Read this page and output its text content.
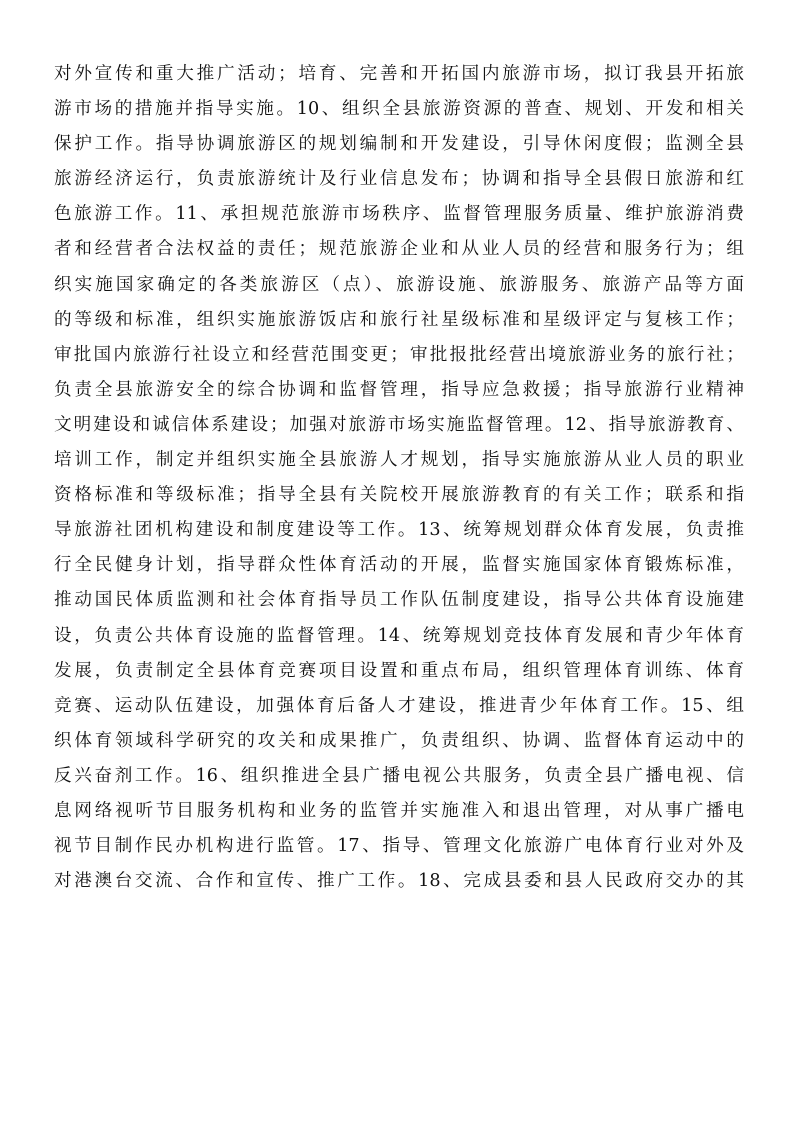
对外宣传和重大推广活动；培育、完善和开拓国内旅游市场，拟订我县开拓旅
游市场的措施并指导实施。10、组织全县旅游资源的普查、规划、开发和相关
保护工作。指导协调旅游区的规划编制和开发建设，引导休闲度假；监测全县
旅游经济运行，负责旅游统计及行业信息发布；协调和指导全县假日旅游和红
色旅游工作。11、承担规范旅游市场秩序、监督管理服务质量、维护旅游消费
者和经营者合法权益的责任；规范旅游企业和从业人员的经营和服务行为；组
织实施国家确定的各类旅游区（点）、旅游设施、旅游服务、旅游产品等方面
的等级和标准，组织实施旅游饭店和旅行社星级标准和星级评定与复核工作；
审批国内旅游行社设立和经营范围变更；审批报批经营出境旅游业务的旅行社；
负责全县旅游安全的综合协调和监督管理，指导应急救援；指导旅游行业精神
文明建设和诚信体系建设；加强对旅游市场实施监督管理。12、指导旅游教育、
培训工作，制定并组织实施全县旅游人才规划，指导实施旅游从业人员的职业
资格标准和等级标准；指导全县有关院校开展旅游教育的有关工作；联系和指
导旅游社团机构建设和制度建设等工作。13、统筹规划群众体育发展，负责推
行全民健身计划，指导群众性体育活动的开展，监督实施国家体育锻炼标准，
推动国民体质监测和社会体育指导员工作队伍制度建设，指导公共体育设施建
设，负责公共体育设施的监督管理。14、统筹规划竞技体育发展和青少年体育
发展，负责制定全县体育竞赛项目设置和重点布局，组织管理体育训练、体育
竞赛、运动队伍建设，加强体育后备人才建设，推进青少年体育工作。15、组
织体育领域科学研究的攻关和成果推广，负责组织、协调、监督体育运动中的
反兴奋剂工作。16、组织推进全县广播电视公共服务，负责全县广播电视、信
息网络视听节目服务机构和业务的监管并实施准入和退出管理，对从事广播电
视节目制作民办机构进行监管。17、指导、管理文化旅游广电体育行业对外及
对港澳台交流、合作和宣传、推广工作。18、完成县委和县人民政府交办的其
